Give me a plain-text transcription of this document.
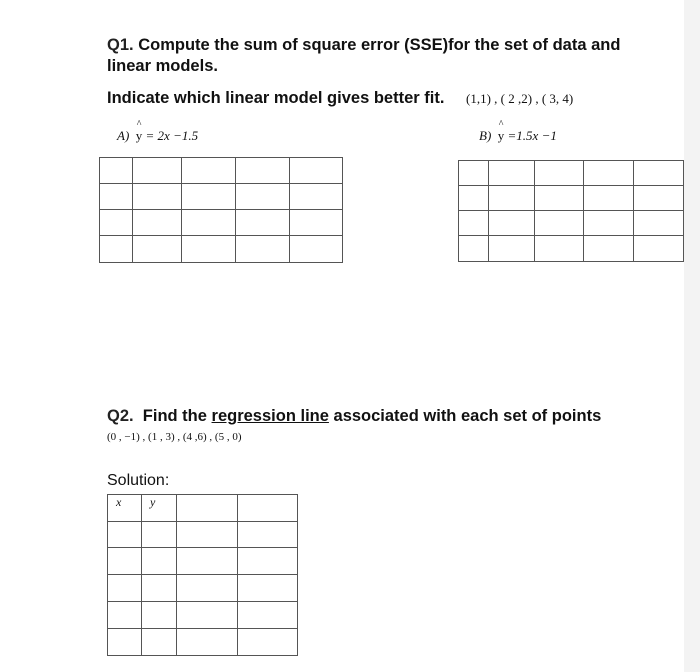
Q1. Compute the sum of square error (SSE)for the set of data and
linear models.
Indicate which linear model gives better fit. (1,1) , ( 2 ,2) , ( 3, 4)
A)
^
y = 2x −1.5	B)
^
y =1.5x −1

Q2. Find the regression line associated with each set of points
(0 , −1) , (1 , 3) , (4 ,6) , (5 , 0)
Solution:
x	y		
